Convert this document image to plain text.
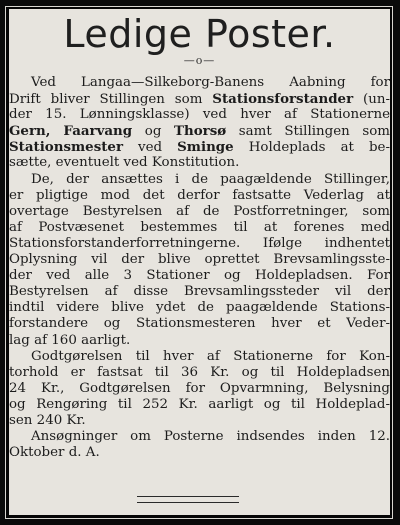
Ledige Poster.
—o—
Ved Langaa—Silkeborg-Banens Aabning for
Drift bliver Stillingen som Stationsforstander (un-
der 15. Lønningsklasse) ved hver af Stationerne
Gern, Faarvang og Thorsø samt Stillingen som
Stationsmester ved Sminge Holdeplads at be-
sætte, eventuelt ved Konstitution.
De, der ansættes i de paagældende Stillinger,
er pligtige mod det derfor fastsatte Vederlag at
overtage Bestyrelsen af de Postforretninger, som
af Postvæsenet bestemmes til at forenes med
Stationsforstanderforretningerne. Ifølge indhentet
Oplysning vil der blive oprettet Brevsamlingsste-
der ved alle 3 Stationer og Holdepladsen. For
Bestyrelsen af disse Brevsamlingssteder vil der
indtil videre blive ydet de paagældende Stations-
forstandere og Stationsmesteren hver et Veder-
lag af 160 aarligt.
Godtgørelsen til hver af Stationerne for Kon-
torhold er fastsat til 36 Kr. og til Holdepladsen
24 Kr., Godtgørelsen for Opvarmning, Belysning
og Rengøring til 252 Kr. aarligt og til Holdeplad-
sen 240 Kr.
Ansøgninger om Posterne indsendes inden 12.
Oktober d. A.
